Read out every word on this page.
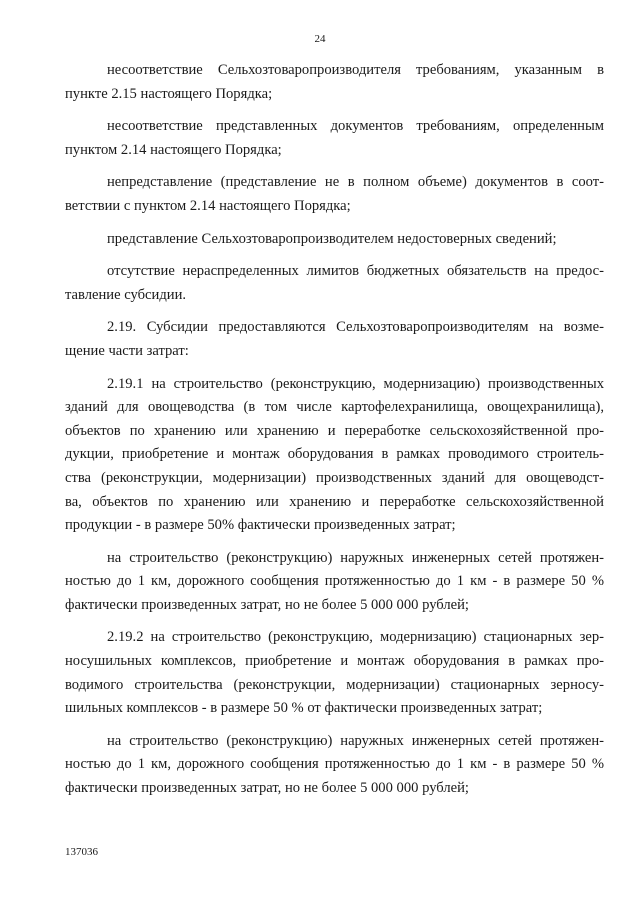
24
несоответствие Сельхозтоваропроизводителя требованиям, указанным в
пункте 2.15 настоящего Порядка;
несоответствие представленных документов требованиям, определенным
пунктом 2.14 настоящего Порядка;
непредставление (представление не в полном объеме) документов в соот-
ветствии с пунктом 2.14 настоящего Порядка;
представление Сельхозтоваропроизводителем недостоверных сведений;
отсутствие нераспределенных лимитов бюджетных обязательств на предос-
тавление субсидии.
2.19. Субсидии предоставляются Сельхозтоваропроизводителям на возме-
щение части затрат:
2.19.1 на строительство (реконструкцию, модернизацию) производственных
зданий для овощеводства (в том числе картофелехранилища, овощехранилища),
объектов по хранению или хранению и переработке сельскохозяйственной про-
дукции, приобретение и монтаж оборудования в рамках проводимого строитель-
ства (реконструкции, модернизации) производственных зданий для овощеводст-
ва, объектов по хранению или хранению и переработке сельскохозяйственной
продукции - в размере 50% фактически произведенных затрат;
на строительство (реконструкцию) наружных инженерных сетей протяжен-
ностью до 1 км, дорожного сообщения протяженностью до 1 км - в размере 50 %
фактически произведенных затрат, но не более 5 000 000 рублей;
2.19.2 на строительство (реконструкцию, модернизацию) стационарных зер-
носушильных комплексов, приобретение и монтаж оборудования в рамках про-
водимого строительства (реконструкции, модернизации) стационарных зерносу-
шильных комплексов - в размере 50 % от фактически произведенных затрат;
на строительство (реконструкцию) наружных инженерных сетей протяжен-
ностью до 1 км, дорожного сообщения протяженностью до 1 км - в размере 50 %
фактически произведенных затрат, но не более 5 000 000 рублей;
137036
